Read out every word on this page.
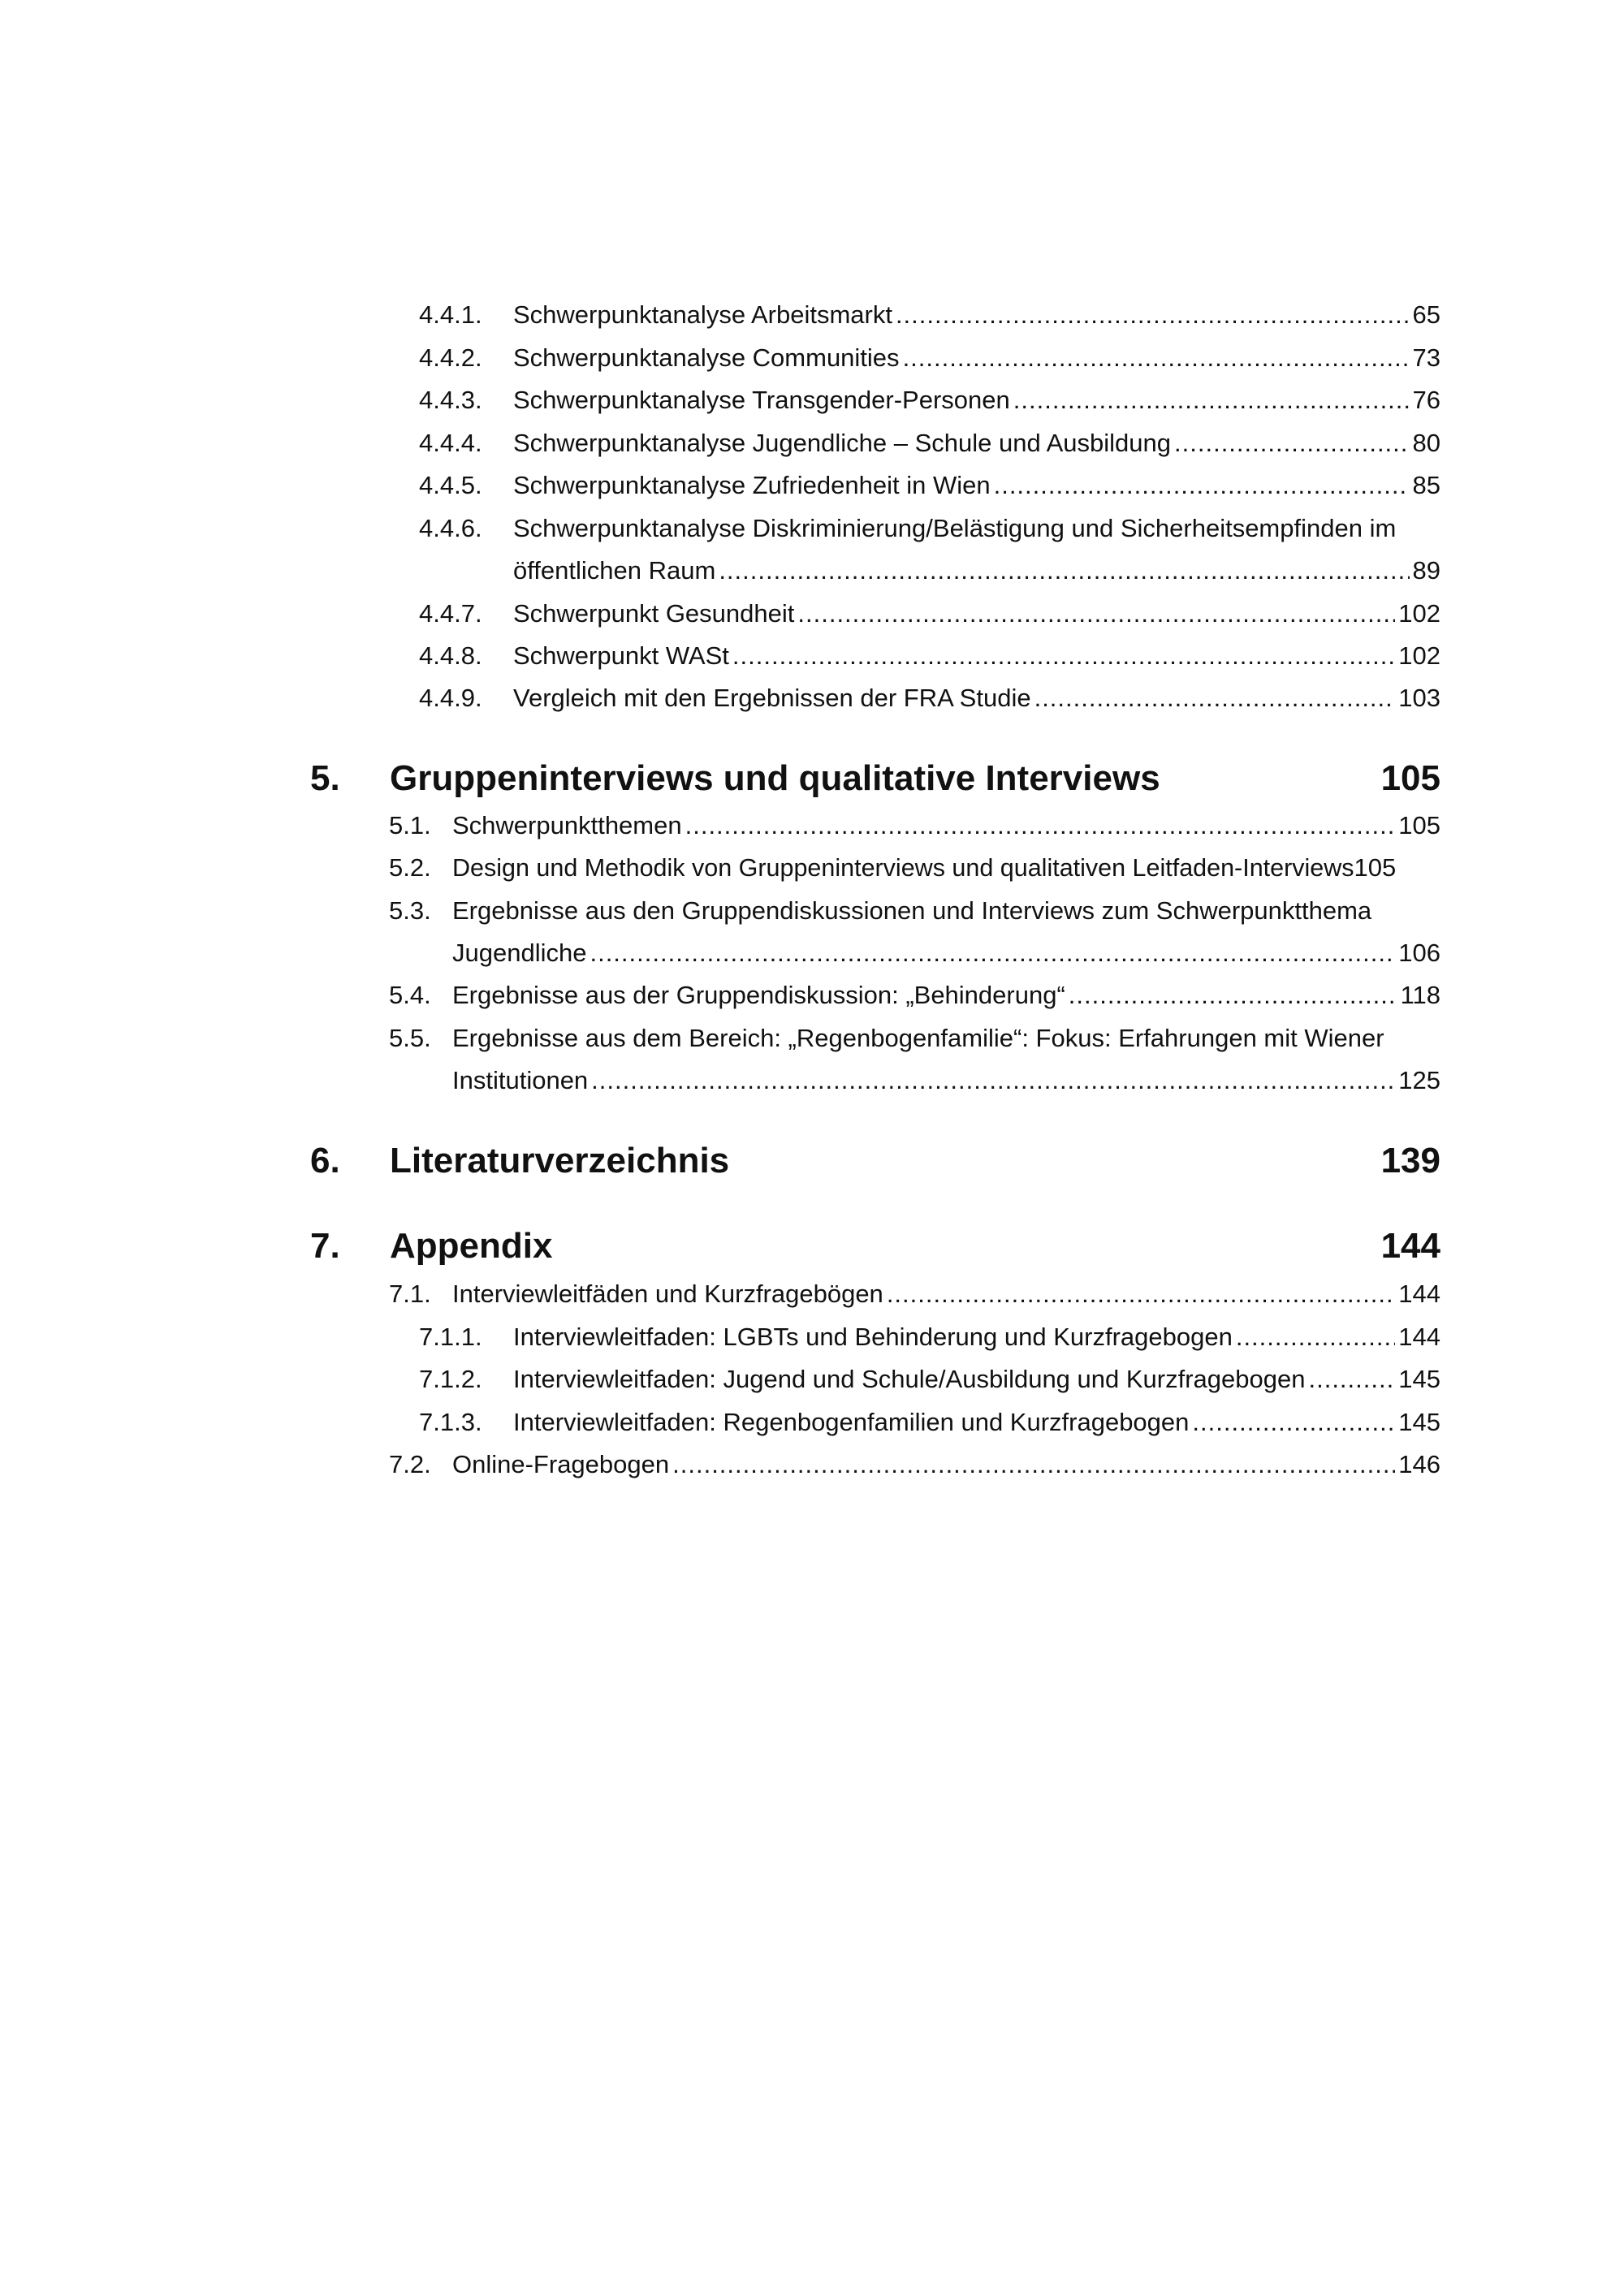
4.4.1. Schwerpunktanalyse Arbeitsmarkt .....	65
4.4.2. Schwerpunktanalyse Communities .....	73
4.4.3. Schwerpunktanalyse Transgender-Personen .....	76
4.4.4. Schwerpunktanalyse Jugendliche – Schule und Ausbildung .....	80
4.4.5. Schwerpunktanalyse Zufriedenheit in Wien .....	85
4.4.6. Schwerpunktanalyse Diskriminierung/Belästigung und Sicherheitsempfinden im
öffentlichen Raum .....	89
4.4.7. Schwerpunkt Gesundheit .....	102
4.4.8. Schwerpunkt WASt .....	102
4.4.9. Vergleich mit den Ergebnissen der FRA Studie .....	103
5. Gruppeninterviews und qualitative Interviews	105
5.1. Schwerpunktthemen .....	105
5.2. Design und Methodik von Gruppeninterviews und qualitativen Leitfaden-Interviews 105
5.3. Ergebnisse aus den Gruppendiskussionen und Interviews zum Schwerpunktthema
Jugendliche .....	106
5.4. Ergebnisse aus der Gruppendiskussion: „Behinderung“ .....	118
5.5. Ergebnisse aus dem Bereich: „Regenbogenfamilie“: Fokus: Erfahrungen mit Wiener
Institutionen .....	125
6. Literaturverzeichnis	139
7. Appendix	144
7.1. Interviewleitfäden und Kurzfragebögen .....	144
7.1.1. Interviewleitfaden: LGBTs und Behinderung und Kurzfragebogen .....	144
7.1.2. Interviewleitfaden: Jugend und Schule/Ausbildung und Kurzfragebogen .....	145
7.1.3. Interviewleitfaden: Regenbogenfamilien und Kurzfragebogen .....	145
7.2. Online-Fragebogen .....	146
